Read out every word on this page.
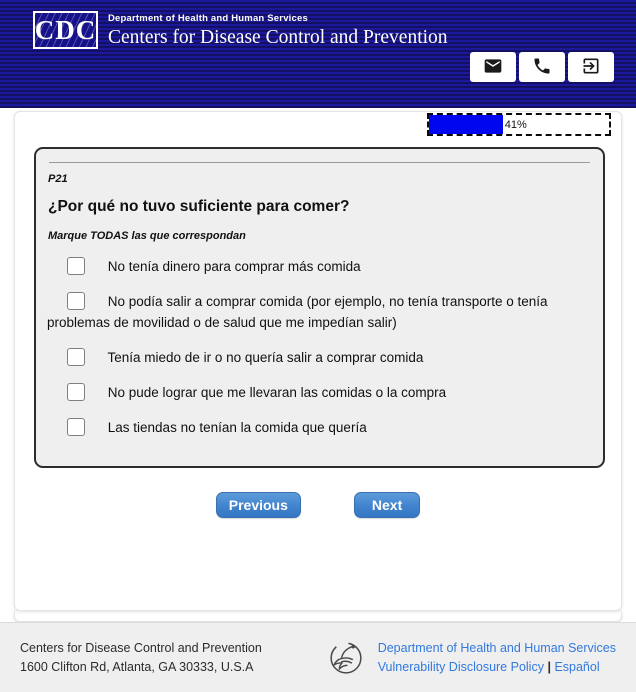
CDC Department of Health and Human Services
Centers for Disease Control and Prevention
41%
P21
¿Por qué no tuvo suficiente para comer?
Marque TODAS las que correspondan
No tenía dinero para comprar más comida
No podía salir a comprar comida (por ejemplo, no tenía transporte o tenía problemas de movilidad o de salud que me impedían salir)
Tenía miedo de ir o no quería salir a comprar comida
No pude lograr que me llevaran las comidas o la compra
Las tiendas no tenían la comida que quería
Previous	Next
Centers for Disease Control and Prevention
1600 Clifton Rd, Atlanta, GA 30333, U.S.A
Department of Health and Human Services
Vulnerability Disclosure Policy | Español
